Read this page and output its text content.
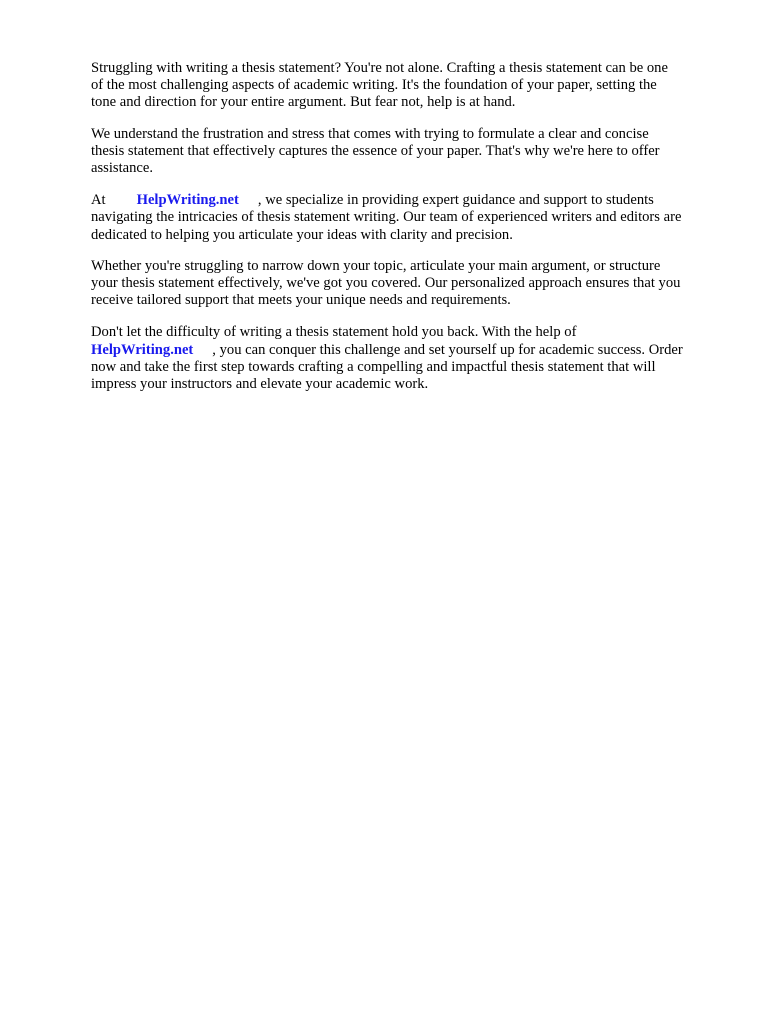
Struggling with writing a thesis statement? You're not alone. Crafting a thesis statement can be one
of the most challenging aspects of academic writing. It's the foundation of your paper, setting the
tone and direction for your entire argument. But fear not, help is at hand.

We understand the frustration and stress that comes with trying to formulate a clear and concise
thesis statement that effectively captures the essence of your paper. That's why we're here to offer
assistance.

At HelpWriting.net , we specialize in providing expert guidance and support to students
navigating the intricacies of thesis statement writing. Our team of experienced writers and editors are
dedicated to helping you articulate your ideas with clarity and precision.

Whether you're struggling to narrow down your topic, articulate your main argument, or structure
your thesis statement effectively, we've got you covered. Our personalized approach ensures that you
receive tailored support that meets your unique needs and requirements.

Don't let the difficulty of writing a thesis statement hold you back. With the help of
HelpWriting.net , you can conquer this challenge and set yourself up for academic success. Order
now and take the first step towards crafting a compelling and impactful thesis statement that will
impress your instructors and elevate your academic work.
